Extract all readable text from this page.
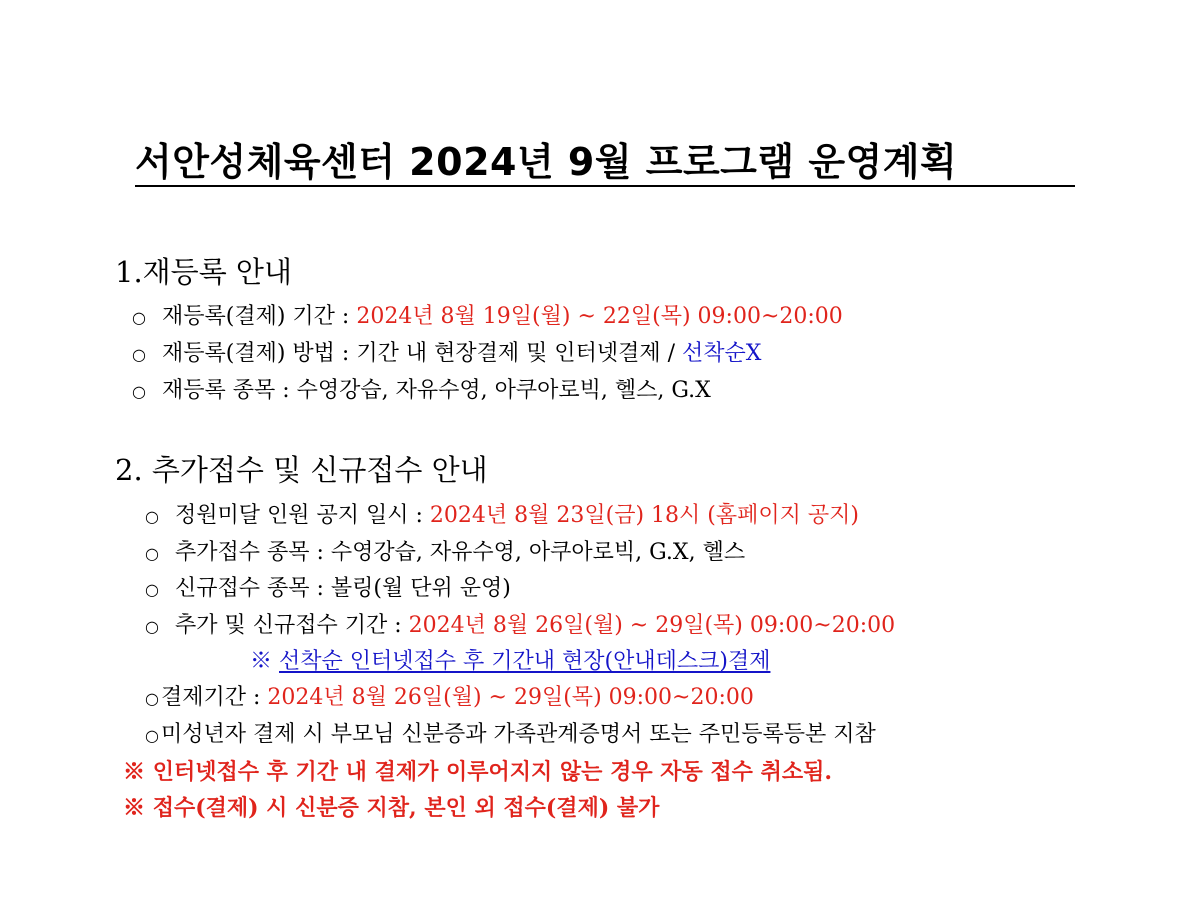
서안성체육센터 2024년 9월 프로그램 운영계획
1.재등록 안내
○ 재등록(결제) 기간 : 2024년 8월 19일(월) ~ 22일(목) 09:00~20:00
○ 재등록(결제) 방법 : 기간 내 현장결제 및 인터넷결제 / 선착순X
○ 재등록 종목 : 수영강습, 자유수영, 아쿠아로빅, 헬스, G.X
2. 추가접수 및 신규접수 안내
○ 정원미달 인원 공지 일시 : 2024년 8월 23일(금) 18시 (홈페이지 공지)
○ 추가접수 종목 : 수영강습, 자유수영, 아쿠아로빅, G.X, 헬스
○ 신규접수 종목 : 볼링(월 단위 운영)
○ 추가 및 신규접수 기간 : 2024년 8월 26일(월) ~ 29일(목) 09:00~20:00
※ 선착순 인터넷접수 후 기간내 현장(안내데스크)결제
○결제기간 : 2024년 8월 26일(월) ~ 29일(목) 09:00~20:00
○미성년자 결제 시 부모님 신분증과 가족관계증명서 또는 주민등록등본 지참
※ 인터넷접수 후 기간 내 결제가 이루어지지 않는 경우 자동 접수 취소됨.
※ 접수(결제) 시 신분증 지참, 본인 외 접수(결제) 불가
